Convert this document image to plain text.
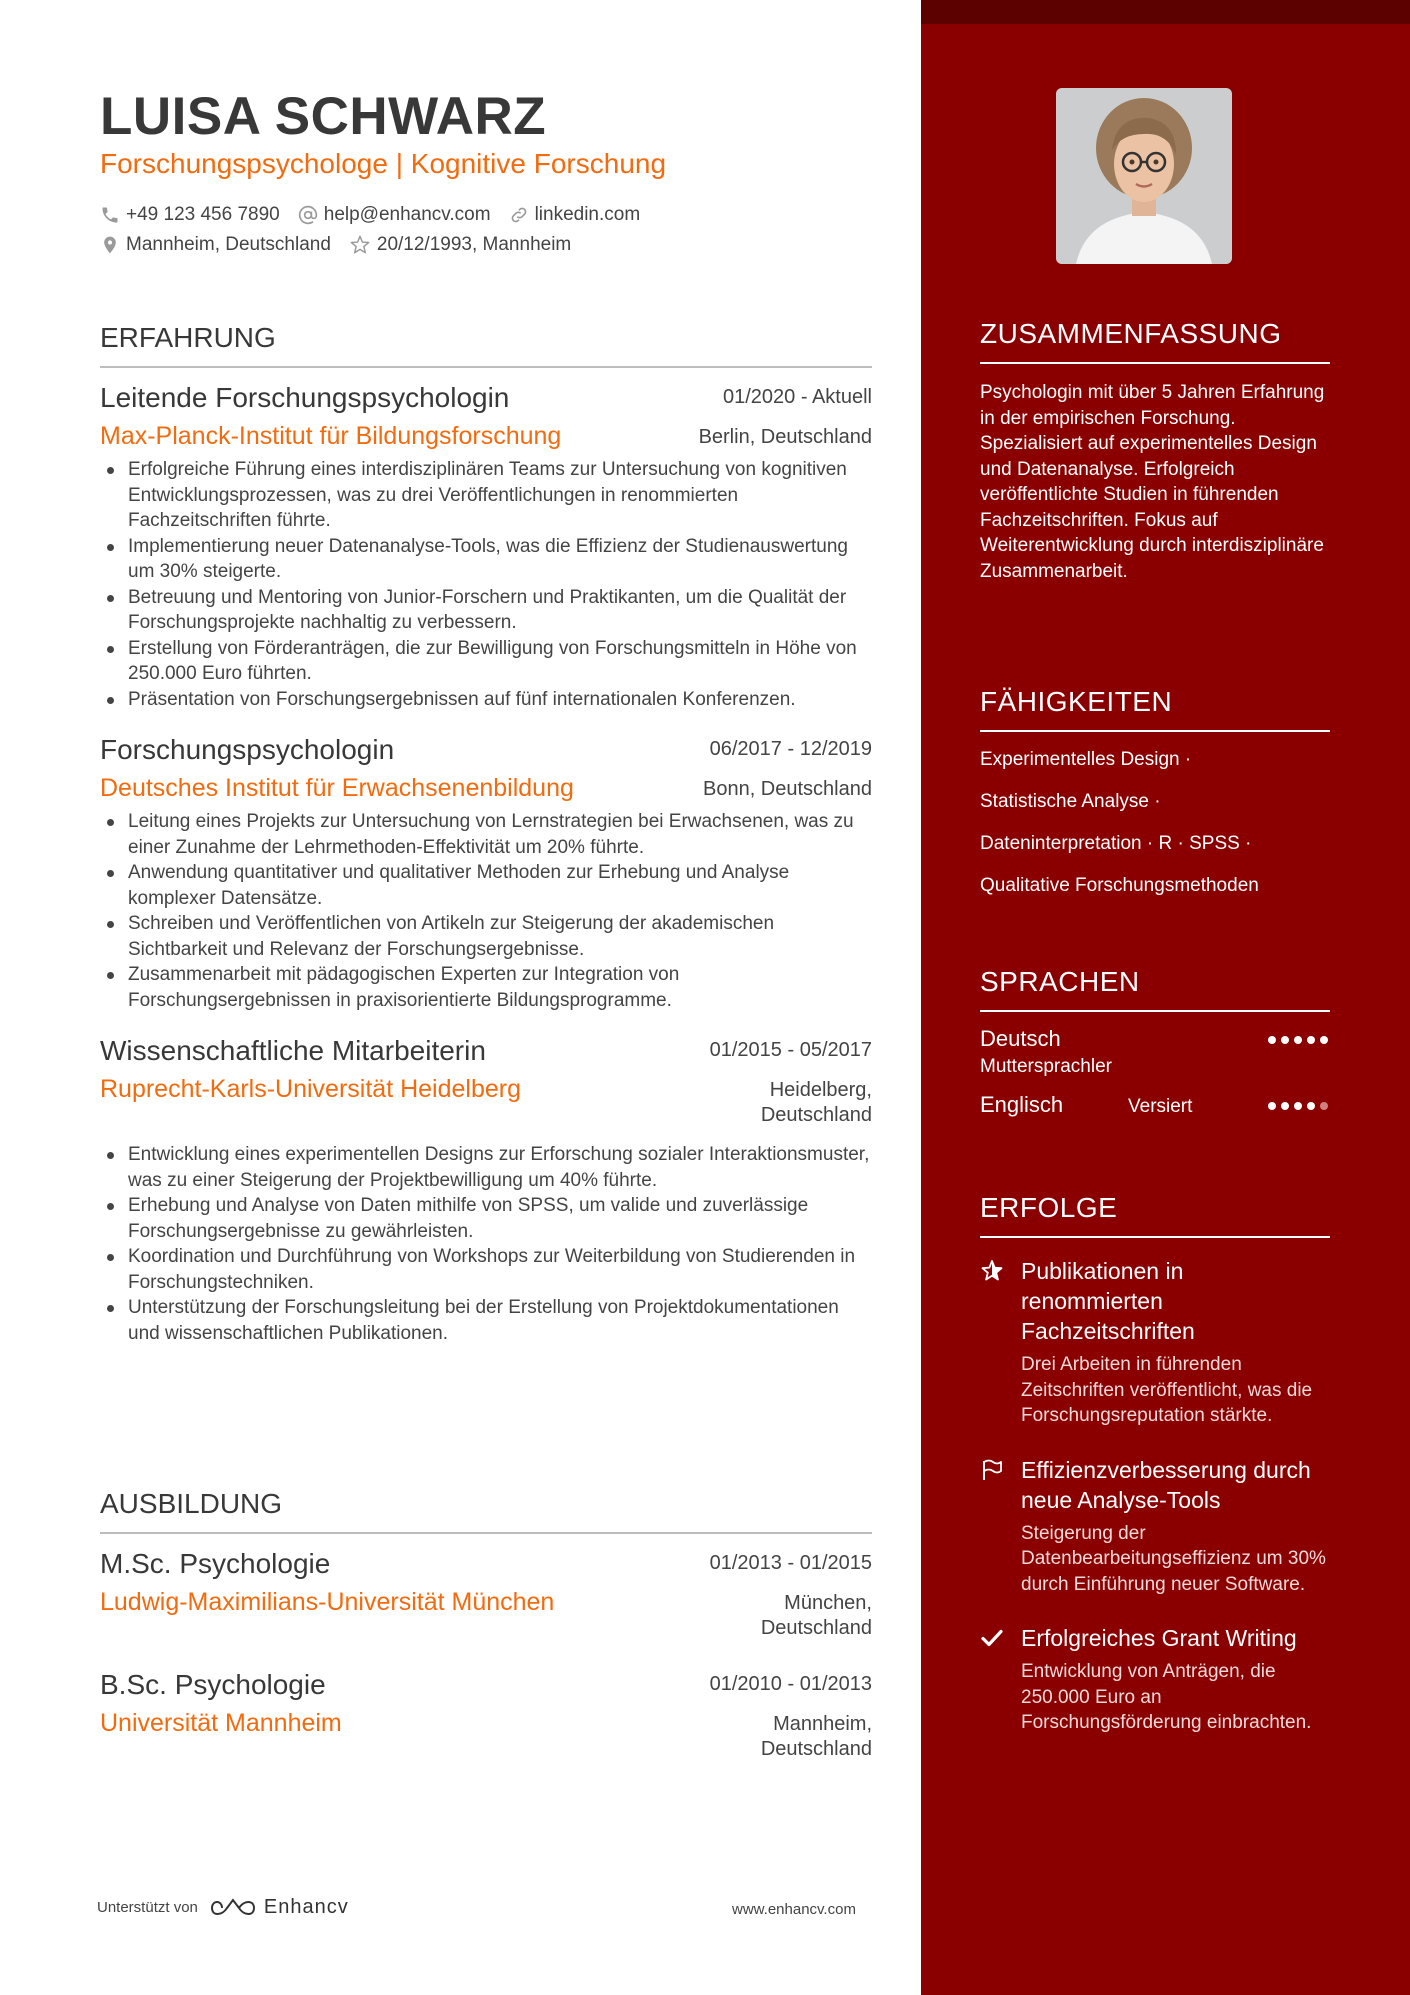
ZUSAMMENFASSUNG
Psychologin mit über 5 Jahren Erfahrung in der empirischen Forschung. Spezialisiert auf experimentelles Design und Datenanalyse. Erfolgreich veröffentlichte Studien in führenden Fachzeitschriften. Fokus auf Weiterentwicklung durch interdisziplinäre Zusammenarbeit.
FÄHIGKEITEN
Experimentelles Design ·
Statistische Analyse ·
Dateninterpretation · R · SPSS ·
Qualitative Forschungsmethoden
SPRACHEN
Deutsch
Muttersprachler
Englisch	Versiert
ERFOLGE
Publikationen in renommierten Fachzeitschriften
Drei Arbeiten in führenden Zeitschriften veröffentlicht, was die Forschungsreputation stärkte.
Effizienzverbesserung durch neue Analyse-Tools
Steigerung der Datenbearbeitungseffizienz um 30% durch Einführung neuer Software.
Erfolgreiches Grant Writing
Entwicklung von Anträgen, die 250.000 Euro an Forschungsförderung einbrachten.
LUISA SCHWARZ
Forschungspsychologe | Kognitive Forschung
+49 123 456 7890 help@enhancv.com linkedin.com
Mannheim, Deutschland 20/12/1993, Mannheim
ERFAHRUNG
Leitende Forschungspsychologin	01/2020 - Aktuell
Max-Planck-Institut für Bildungsforschung	Berlin, Deutschland
Erfolgreiche Führung eines interdisziplinären Teams zur Untersuchung von kognitiven Entwicklungsprozessen, was zu drei Veröffentlichungen in renommierten Fachzeitschriften führte.
Implementierung neuer Datenanalyse-Tools, was die Effizienz der Studienauswertung um 30% steigerte.
Betreuung und Mentoring von Junior-Forschern und Praktikanten, um die Qualität der Forschungsprojekte nachhaltig zu verbessern.
Erstellung von Förderanträgen, die zur Bewilligung von Forschungsmitteln in Höhe von 250.000 Euro führten.
Präsentation von Forschungsergebnissen auf fünf internationalen Konferenzen.
Forschungspsychologin	06/2017 - 12/2019
Deutsches Institut für Erwachsenenbildung	Bonn, Deutschland
Leitung eines Projekts zur Untersuchung von Lernstrategien bei Erwachsenen, was zu einer Zunahme der Lehrmethoden-Effektivität um 20% führte.
Anwendung quantitativer und qualitativer Methoden zur Erhebung und Analyse komplexer Datensätze.
Schreiben und Veröffentlichen von Artikeln zur Steigerung der akademischen Sichtbarkeit und Relevanz der Forschungsergebnisse.
Zusammenarbeit mit pädagogischen Experten zur Integration von Forschungsergebnissen in praxisorientierte Bildungsprogramme.
Wissenschaftliche Mitarbeiterin	01/2015 - 05/2017
Ruprecht-Karls-Universität Heidelberg	Heidelberg,
Deutschland
Entwicklung eines experimentellen Designs zur Erforschung sozialer Interaktionsmuster, was zu einer Steigerung der Projektbewilligung um 40% führte.
Erhebung und Analyse von Daten mithilfe von SPSS, um valide und zuverlässige Forschungsergebnisse zu gewährleisten.
Koordination und Durchführung von Workshops zur Weiterbildung von Studierenden in Forschungstechniken.
Unterstützung der Forschungsleitung bei der Erstellung von Projektdokumentationen und wissenschaftlichen Publikationen.
AUSBILDUNG
M.Sc. Psychologie	01/2013 - 01/2015
Ludwig-Maximilians-Universität München	München,
Deutschland
B.Sc. Psychologie	01/2010 - 01/2013
Universität Mannheim	Mannheim,
Deutschland
Unterstützt von	Enhancv	www.enhancv.com
